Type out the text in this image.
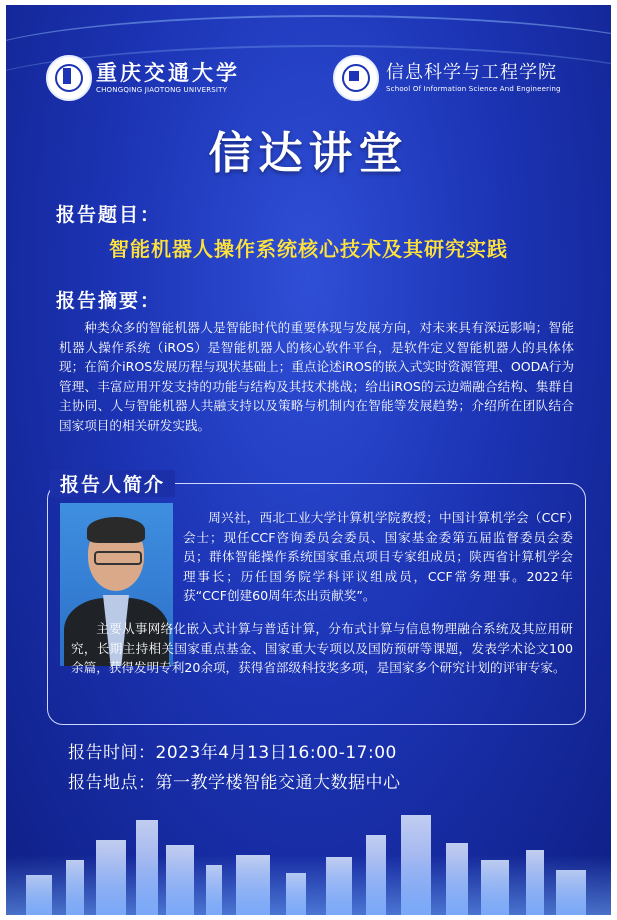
重庆交通大学
CHONGQING JIAOTONG UNIVERSITY
信息科学与工程学院
School Of Information Science And Engineering
信达讲堂
报告题目：
智能机器人操作系统核心技术及其研究实践
报告摘要：
种类众多的智能机器人是智能时代的重要体现与发展方向，对未来具有深远影响；智能机器人操作系统（iROS）是智能机器人的核心软件平台，是软件定义智能机器人的具体体现；在简介iROS发展历程与现状基础上；重点论述iROS的嵌入式实时资源管理、OODA行为管理、丰富应用开发支持的功能与结构及其技术挑战；给出iROS的云边端融合结构、集群自主协同、人与智能机器人共融支持以及策略与机制内在智能等发展趋势；介绍所在团队结合国家项目的相关研发实践。
报告人简介
周兴社，西北工业大学计算机学院教授；中国计算机学会（CCF）会士；现任CCF咨询委员会委员、国家基金委第五届监督委员会委员；群体智能操作系统国家重点项目专家组成员；陕西省计算机学会理事长；历任国务院学科评议组成员，CCF常务理事。2022年获“CCF创建60周年杰出贡献奖”。
主要从事网络化嵌入式计算与普适计算，分布式计算与信息物理融合系统及其应用研究，长期主持相关国家重点基金、国家重大专项以及国防预研等课题，发表学术论文100余篇，获得发明专利20余项，获得省部级科技奖多项，是国家多个研究计划的评审专家。
报告时间：2023年4月13日16:00-17:00
报告地点：第一教学楼智能交通大数据中心
